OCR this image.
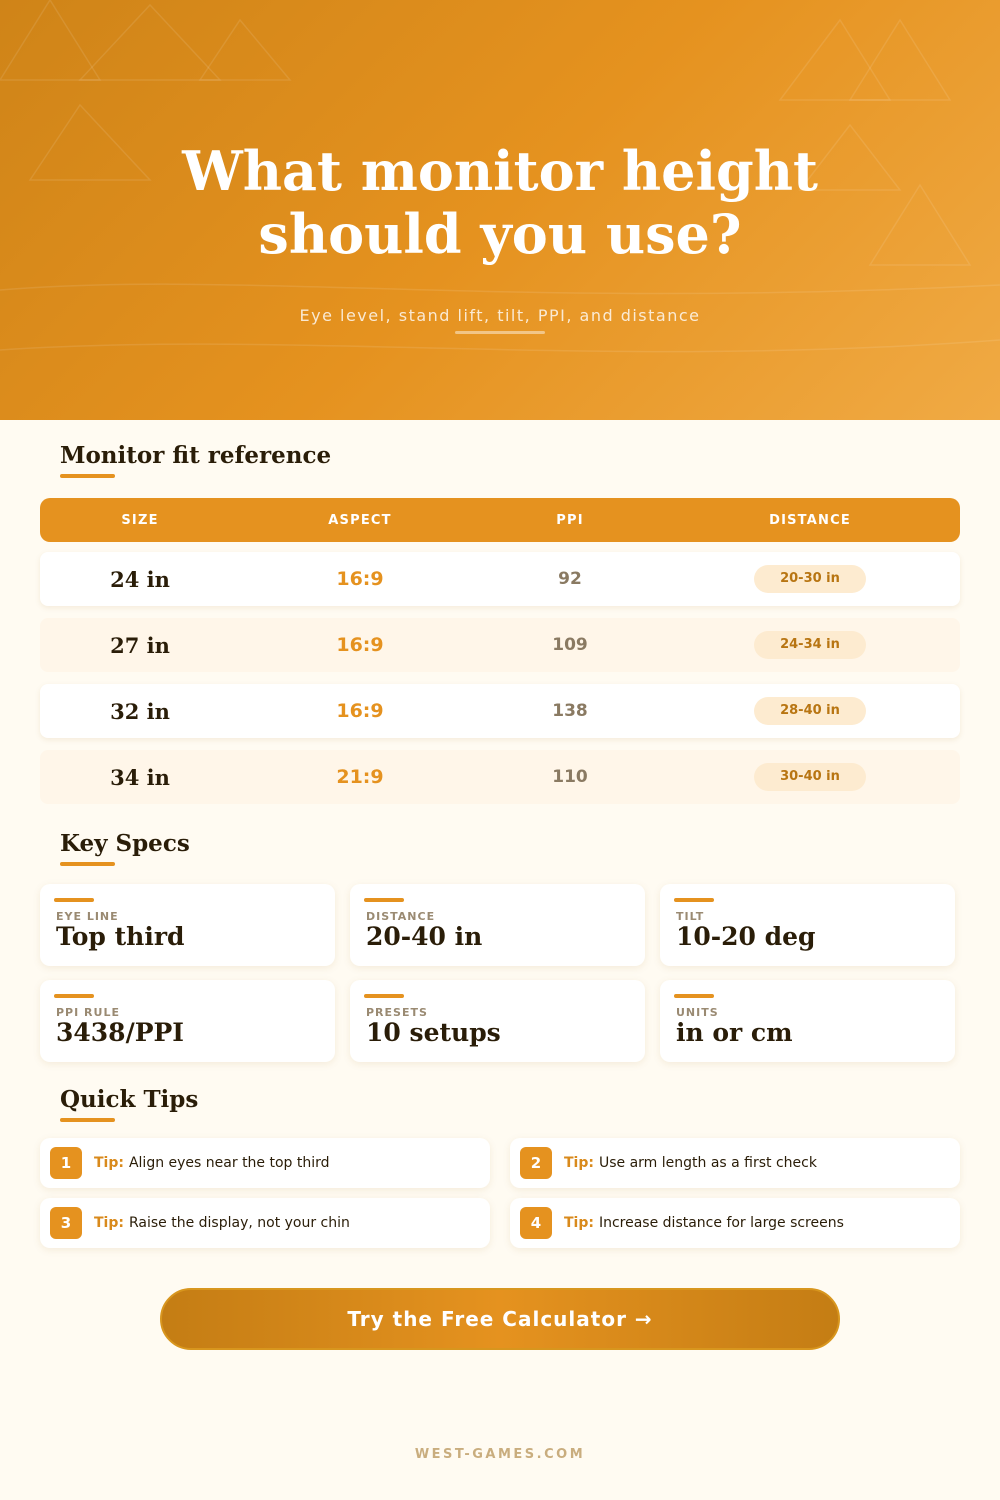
What monitor height
should you use?
Eye level, stand lift, tilt, PPI, and distance
Monitor fit reference
SIZE	ASPECT	PPI	DISTANCE
24 in	16:9	92	20-30 in
27 in	16:9	109	24-34 in
32 in	16:9	138	28-40 in
34 in	21:9	110	30-40 in
Key Specs
EYE LINE
Top third
DISTANCE
20-40 in
TILT
10-20 deg
PPI RULE
3438/PPI
PRESETS
10 setups
UNITS
in or cm
Quick Tips
1	Tip: Align eyes near the top third	2	Tip: Use arm length as a first check
3	Tip: Raise the display, not your chin	4	Tip: Increase distance for large screens
Try the Free Calculator →
WEST-GAMES.COM
